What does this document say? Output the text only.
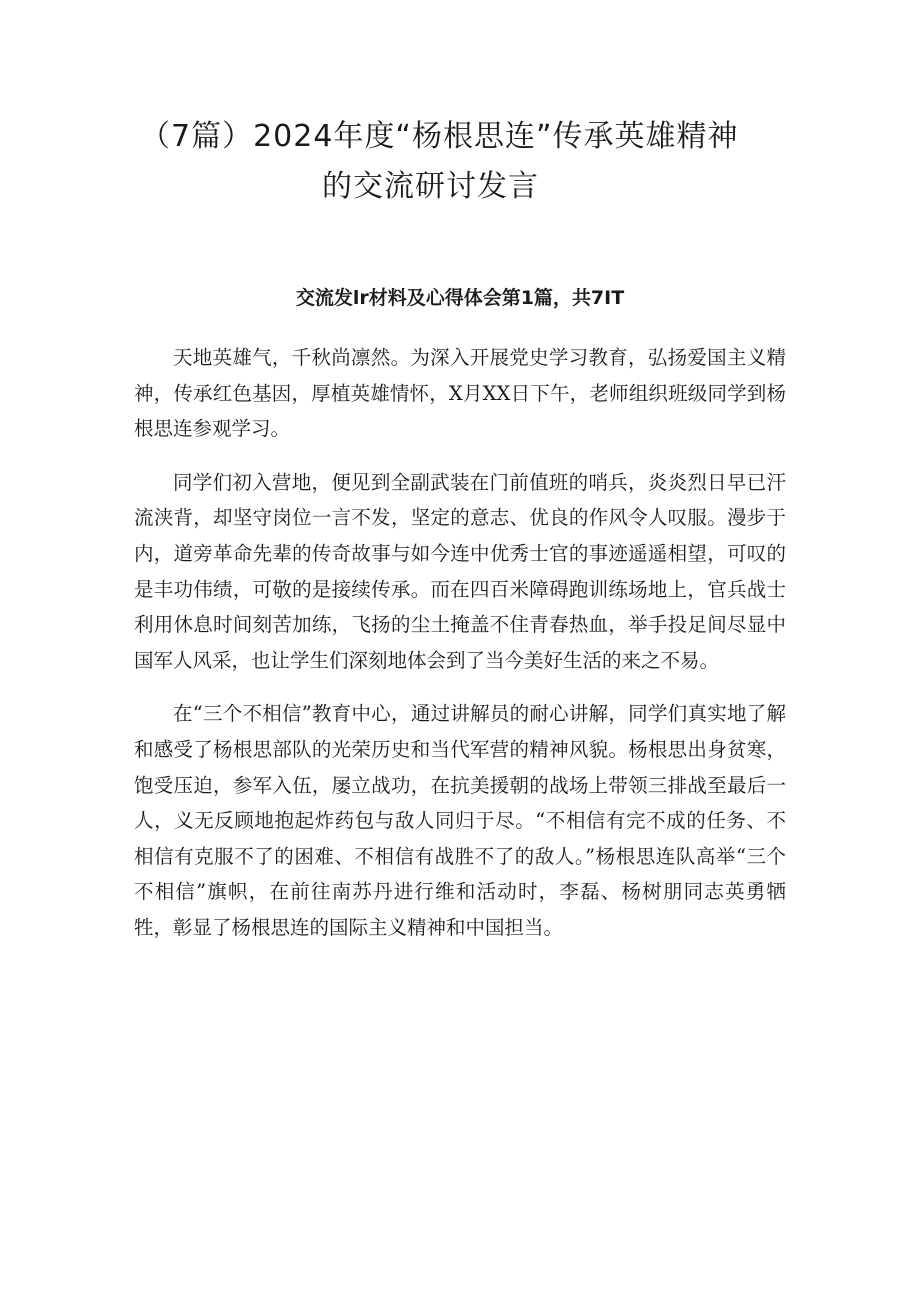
（7篇）2024年度“杨根思连”传承英雄精神
的交流研讨发言
交流发lr材料及心得体会第1篇，共7IT

天地英雄气，千秋尚凛然。为深入开展党史学习教育，弘扬爱国主义精神，传承红色基因，厚植英雄情怀，X月XX日下午，老师组织班级同学到杨根思连参观学习。

同学们初入营地，便见到全副武装在门前值班的哨兵，炎炎烈日早已汗流浃背，却坚守岗位一言不发，坚定的意志、优良的作风令人叹服。漫步于内，道旁革命先辈的传奇故事与如今连中优秀士官的事迹遥遥相望，可叹的是丰功伟绩，可敬的是接续传承。而在四百米障碍跑训练场地上，官兵战士利用休息时间刻苦加练，飞扬的尘土掩盖不住青春热血，举手投足间尽显中国军人风采，也让学生们深刻地体会到了当今美好生活的来之不易。

在“三个不相信”教育中心，通过讲解员的耐心讲解，同学们真实地了解和感受了杨根思部队的光荣历史和当代军营的精神风貌。杨根思出身贫寒，饱受压迫，参军入伍，屡立战功，在抗美援朝的战场上带领三排战至最后一人，义无反顾地抱起炸药包与敌人同归于尽。“不相信有完不成的任务、不相信有克服不了的困难、不相信有战胜不了的敌人。”杨根思连队高举“三个不相信”旗帜，在前往南苏丹进行维和活动时，李磊、杨树朋同志英勇牺牲，彰显了杨根思连的国际主义精神和中国担当。
